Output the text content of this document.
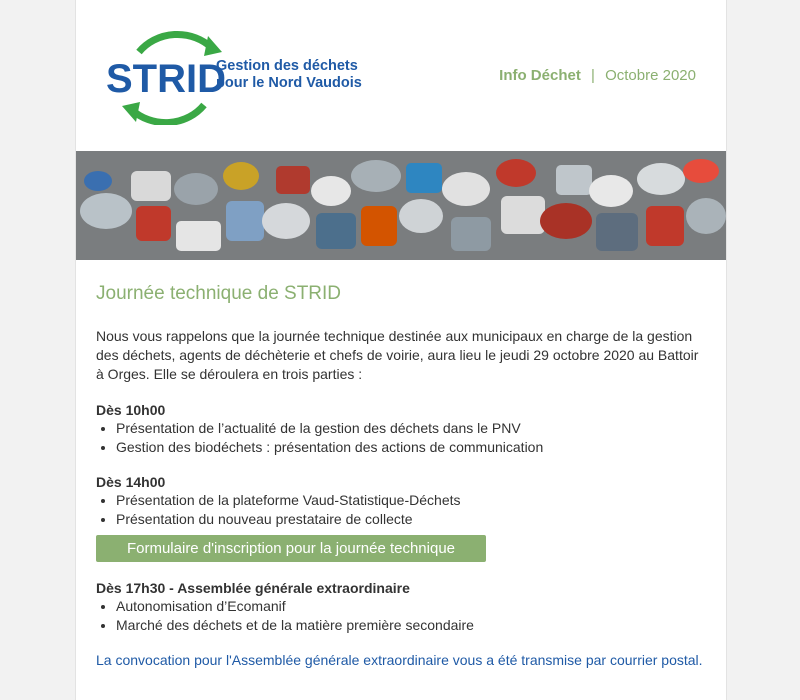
STRID
Gestion des déchets
pour le Nord Vaudois	Info Déchet | Octobre 2020
Journée technique de STRID

Nous vous rappelons que la journée technique destinée aux municipaux en charge de la gestion des déchets, agents de déchèterie et chefs de voirie, aura lieu le jeudi 29 octobre 2020 au Battoir à Orges. Elle se déroulera en trois parties :

Dès 10h00
• Présentation de l’actualité de la gestion des déchets dans le PNV
• Gestion des biodéchets : présentation des actions de communication
Dès 14h00
• Présentation de la plateforme Vaud-Statistique-Déchets
• Présentation du nouveau prestataire de collecte
Formulaire d'inscription pour la journée technique
Dès 17h30 - Assemblée générale extraordinaire
• Autonomisation d’Ecomanif
• Marché des déchets et de la matière première secondaire
La convocation pour l'Assemblée générale extraordinaire vous a été transmise par courrier postal.
